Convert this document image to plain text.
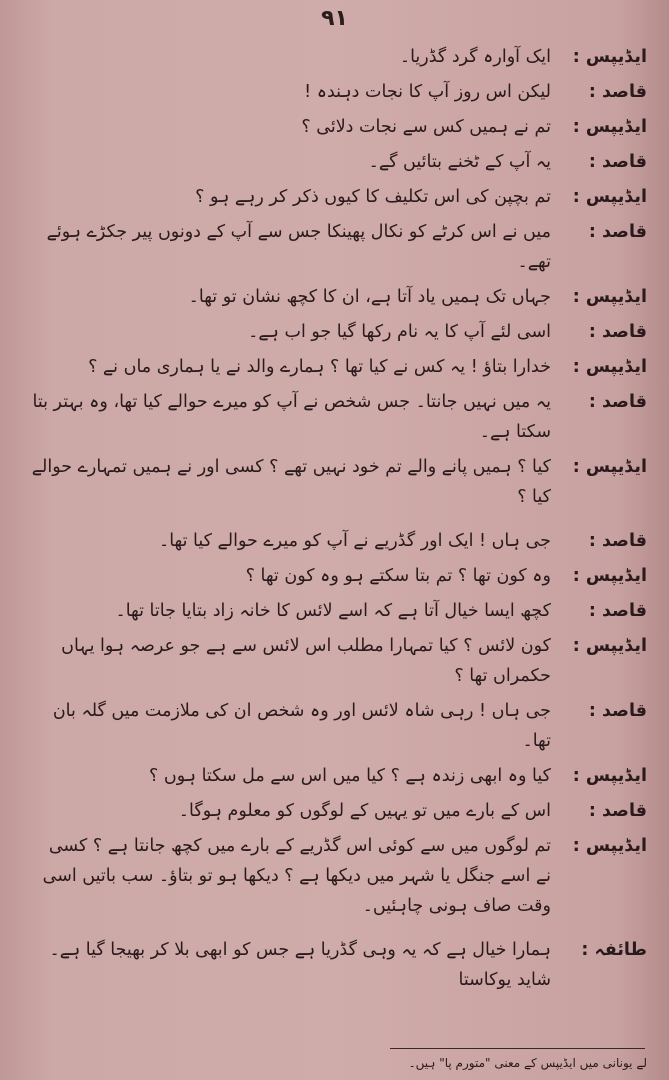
۹۱
ایڈیپس :
ایک آوارہ گرد گڈریا۔
قاصد :
لیکن اس روز آپ کا نجات دہندہ !
ایڈیپس :
تم نے ہمیں کس سے نجات دلائی ؟
قاصد :
یہ آپ کے ٹخنے بتائیں گے۔
ایڈیپس :
تم بچپن کی اس تکلیف کا کیوں ذکر کر رہے ہو ؟
قاصد :
میں نے اس کرٹے کو نکال پھینکا جس سے آپ کے دونوں پیر جکڑے ہوئے تھے۔
ایڈیپس :
جہاں تک ہمیں یاد آتا ہے، ان کا کچھ نشان تو تھا۔
قاصد :
اسی لئے آپ کا یہ نام رکھا گیا جو اب ہے۔
ایڈیپس :
خدارا بتاؤ ! یہ کس نے کیا تھا ؟ ہمارے والد نے یا ہماری ماں نے ؟
قاصد :
یہ میں نہیں جانتا۔ جس شخص نے آپ کو میرے حوالے کیا تھا، وہ بہتر بتا سکتا ہے۔
ایڈیپس :
کیا ؟ ہمیں پانے والے تم خود نہیں تھے ؟ کسی اور نے ہمیں تمہارے حوالے کیا ؟
قاصد :
جی ہاں ! ایک اور گڈریے نے آپ کو میرے حوالے کیا تھا۔
ایڈیپس :
وہ کون تھا ؟ تم بتا سکتے ہو وہ کون تھا ؟
قاصد :
کچھ ایسا خیال آتا ہے کہ اسے لائس کا خانہ زاد بتایا جاتا تھا۔
ایڈیپس :
کون لائس ؟ کیا تمہارا مطلب اس لائس سے ہے جو عرصہ ہوا یہاں حکمراں تھا ؟
قاصد :
جی ہاں ! رہی شاہ لائس اور وہ شخص ان کی ملازمت میں گلہ بان تھا۔
ایڈیپس :
کیا وہ ابھی زندہ ہے ؟ کیا میں اس سے مل سکتا ہوں ؟
قاصد :
اس کے بارے میں تو یہیں کے لوگوں کو معلوم ہوگا۔
ایڈیپس :
تم لوگوں میں سے کوئی اس گڈریے کے بارے میں کچھ جانتا ہے ؟ کسی نے اسے جنگل یا شہر میں دیکھا ہے ؟ دیکھا ہو تو بتاؤ۔ سب باتیں اسی وقت صاف ہونی چاہئیں۔
طائفہ :
ہمارا خیال ہے کہ یہ وہی گڈریا ہے جس کو ابھی بلا کر بھیجا گیا ہے۔ شاید یوکاستا
لے یونانی میں ایڈیپس کے معنی "متورم پا" ہیں۔
